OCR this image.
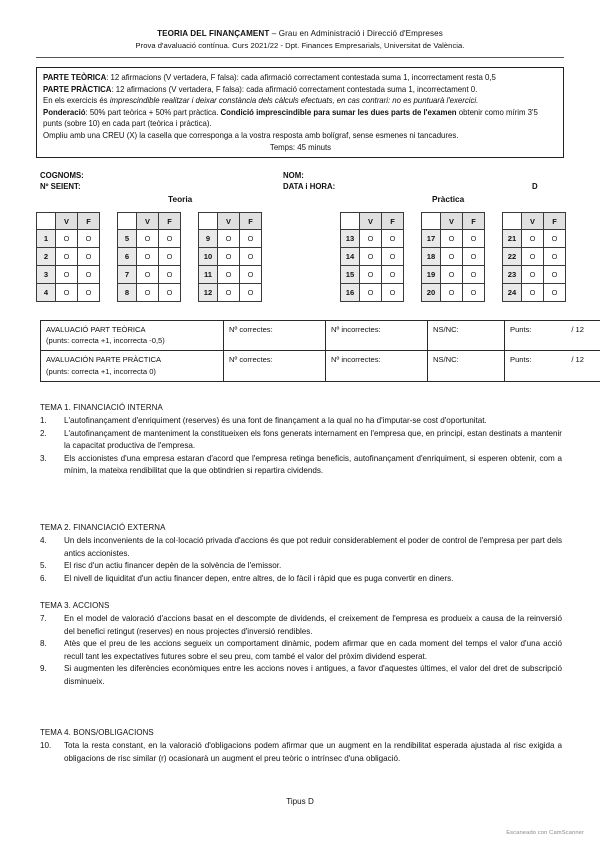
TEORIA DEL FINANÇAMENT – Grau en Administració i Direcció d'Empreses
Prova d'avaluació contínua. Curs 2021/22 - Dpt. Finances Empresarials, Universitat de València.

PARTE TEÒRICA: 12 afirmacions (V vertadera, F falsa): cada afirmació correctament contestada suma 1, incorrectament resta 0,5

PARTE PRÀCTICA: 12 afirmacions (V vertadera, F falsa): cada afirmació correctament contestada suma 1, incorrectament 0.

En els exercicis és imprescindible realitzar i deixar constància dels càlculs efectuats, en cas contrari: no es puntuarà l'exercici.

Ponderació: 50% part teòrica + 50% part pràctica. Condició imprescindible para sumar les dues parts de l'examen obtenir como mírim 3'5 punts (sobre 10) en cada part (teòrica i pràctica).

Ompliu amb una CREU (X) la casella que corresponga a la vostra resposta amb bolígraf, sense esmenes ni tancadures.

Temps: 45 minuts

COGNOMS:	NOM:
Nº SEIENT:	DATA i HORA:	D
Teoria	Pràctica
	V	F			V	F			V	F
1	O	O		5	O	O		9	O	O
2	O	O		6	O	O		10	O	O
3	O	O		7	O	O		11	O	O
4	O	O		8	O	O		12	O	O
	V	F			V	F			V	F
13	O	O		17	O	O		21	O	O
14	O	O		18	O	O		22	O	O
15	O	O		19	O	O		23	O	O
16	O	O		20	O	O		24	O	O
AVALUACIÓ PART TEÒRICA
(punts: correcta +1, incorrecta -0,5)
	Nº correctes:	Nº incorrectes:	NS/NC:	Punts:	/ 12

AVALUACIÓN PARTE PRÀCTICA
(punts: correcta +1, incorrecta 0)
	Nº correctes:	Nº incorrectes:	NS/NC:	Punts:	/ 12
TEMA 1. FINANCIACIÓ INTERNA
1.	L'autofinançament d'enriquiment (reserves) és una font de finançament a la qual no ha d'imputar-se cost d'oportunitat.
2.	L'autofinançament de manteniment la constitueixen els fons generats internament en l'empresa que, en principi, estan destinats a mantenir la capacitat productiva de l'empresa.
3.	Els accionistes d'una empresa estaran d'acord que l'empresa retinga beneficis, autofinançament d'enriquiment, si esperen obtenir, com a mínim, la mateixa rendibilitat que la que obtindrien si repartira cividends.
TEMA 2. FINANCIACIÓ EXTERNA
4.	Un dels inconvenients de la col·locació privada d'accions és que pot reduir considerablement el poder de control de l'empresa per part dels antics accionistes.
5.	El risc d'un actiu financer depèn de la solvència de l'emissor.
6.	El nivell de liquiditat d'un actiu financer depen, entre altres, de lo fàcil i ràpid que es puga convertir en diners.
TEMA 3. ACCIONS
7.	En el model de valoració d'accions basat en el descompte de dividends, el creixement de l'empresa es produeix a causa de la reinversió del benefici retingut (reserves) en nous projectes d'inversió rendibles.
8.	Atès que el preu de les accions segueix un comportament dinàmic, podem afirmar que en cada moment del temps el valor d'una acció recull tant les expectatives futures sobre el seu preu, com també el valor del pròxim dividend esperat.
9.	Si augmenten les diferències econòmiques entre les accions noves i antigues, a favor d'aquestes últimes, el valor del dret de subscripció disminueix.
TEMA 4. BONS/OBLIGACIONS
10.	Tota la resta constant, en la valoració d'obligacions podem afirmar que un augment en la rendibilitat esperada ajustada al risc exigida a obligacions de risc similar (r) ocasionarà un augment el preu teòric o intrínsec d'una obligació.
Tipus D
Escaneado con CamScanner
